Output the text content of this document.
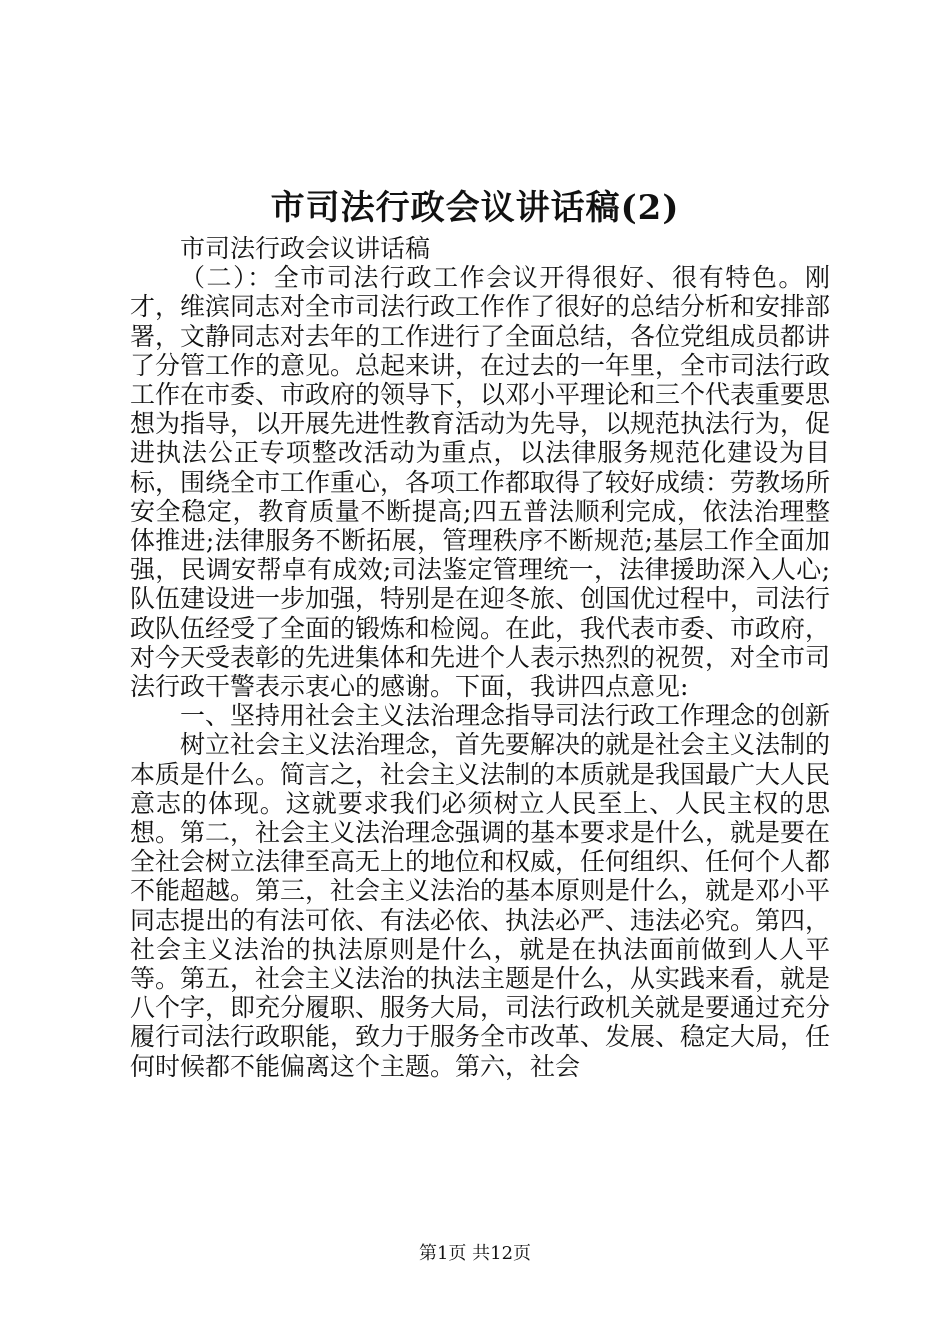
市司法行政会议讲话稿(2)

市司法行政会议讲话稿

（二）：全市司法行政工作会议开得很好、很有特色。刚才，维滨同志对全市司法行政工作作了很好的总结分析和安排部署，文静同志对去年的工作进行了全面总结，各位党组成员都讲了分管工作的意见。总起来讲，在过去的一年里，全市司法行政工作在市委、市政府的领导下，以邓小平理论和三个代表重要思想为指导，以开展先进性教育活动为先导，以规范执法行为，促进执法公正专项整改活动为重点，以法律服务规范化建设为目标，围绕全市工作重心，各项工作都取得了较好成绩：劳教场所安全稳定，教育质量不断提高;四五普法顺利完成，依法治理整体推进;法律服务不断拓展，管理秩序不断规范;基层工作全面加强，民调安帮卓有成效;司法鉴定管理统一，法律援助深入人心;队伍建设进一步加强，特别是在迎冬旅、创国优过程中，司法行政队伍经受了全面的锻炼和检阅。在此，我代表市委、市政府，对今天受表彰的先进集体和先进个人表示热烈的祝贺，对全市司法行政干警表示衷心的感谢。下面，我讲四点意见:

一、坚持用社会主义法治理念指导司法行政工作理念的创新

树立社会主义法治理念，首先要解决的就是社会主义法制的本质是什么。简言之，社会主义法制的本质就是我国最广大人民意志的体现。这就要求我们必须树立人民至上、人民主权的思想。第二，社会主义法治理念强调的基本要求是什么，就是要在全社会树立法律至高无上的地位和权威，任何组织、任何个人都不能超越。第三，社会主义法治的基本原则是什么，就是邓小平同志提出的有法可依、有法必依、执法必严、违法必究。第四，社会主义法治的执法原则是什么，就是在执法面前做到人人平等。第五，社会主义法治的执法主题是什么，从实践来看，就是八个字，即充分履职、服务大局，司法行政机关就是要通过充分履行司法行政职能，致力于服务全市改革、发展、稳定大局，任何时候都不能偏离这个主题。第六，社会

第1页 共12页
